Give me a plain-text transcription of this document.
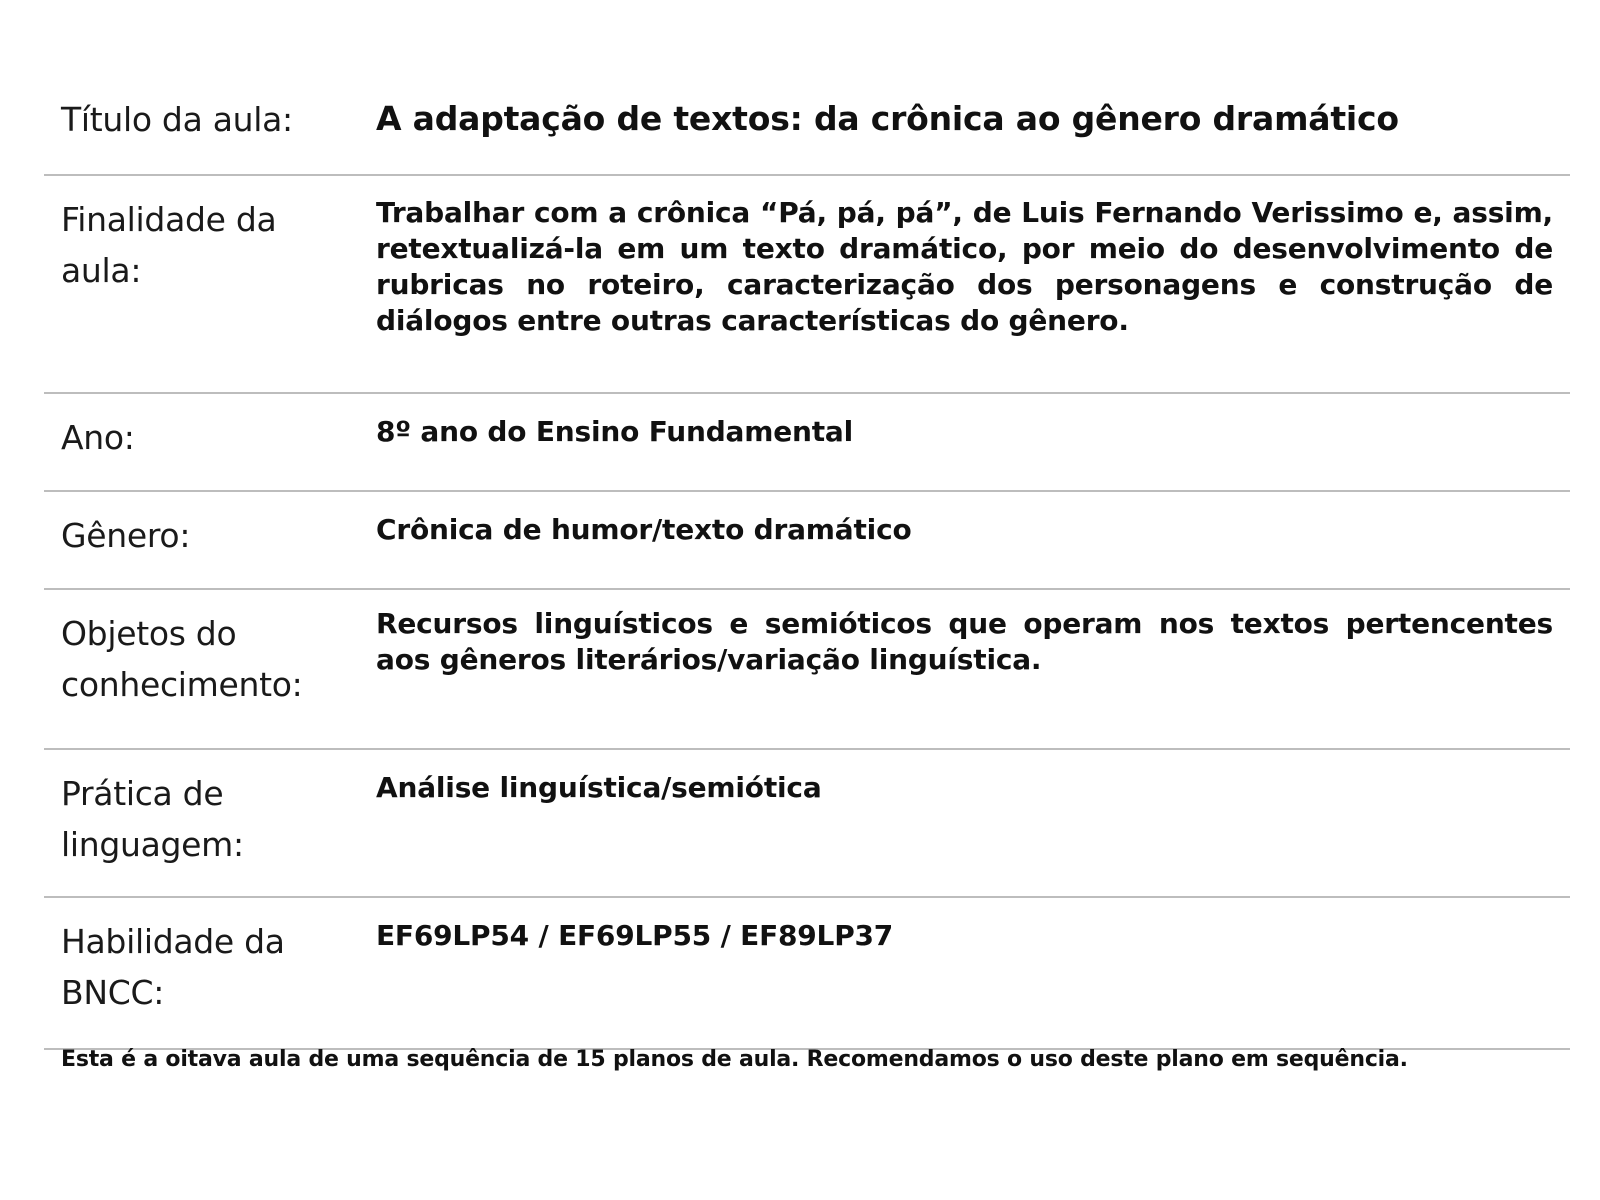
Título da aula:	A adaptação de textos: da crônica ao gênero dramático
Finalidade da aula:
Trabalhar com a crônica “Pá, pá, pá”, de Luis Fernando Verissimo e, assim, retextualizá-la em um texto dramático, por meio do desenvolvimento de rubricas no roteiro, caracterização dos personagens e construção de diálogos entre outras características do gênero.
Ano:	8º ano do Ensino Fundamental
Gênero:	Crônica de humor/texto dramático
Objetos do conhecimento:
Recursos linguísticos e semióticos que operam nos textos pertencentes aos gêneros literários/variação linguística.
Prática de linguagem:
Análise linguística/semiótica
Habilidade da BNCC:
EF69LP54 / EF69LP55 / EF89LP37
Esta é a oitava aula de uma sequência de 15 planos de aula. Recomendamos o uso deste plano em sequência.
